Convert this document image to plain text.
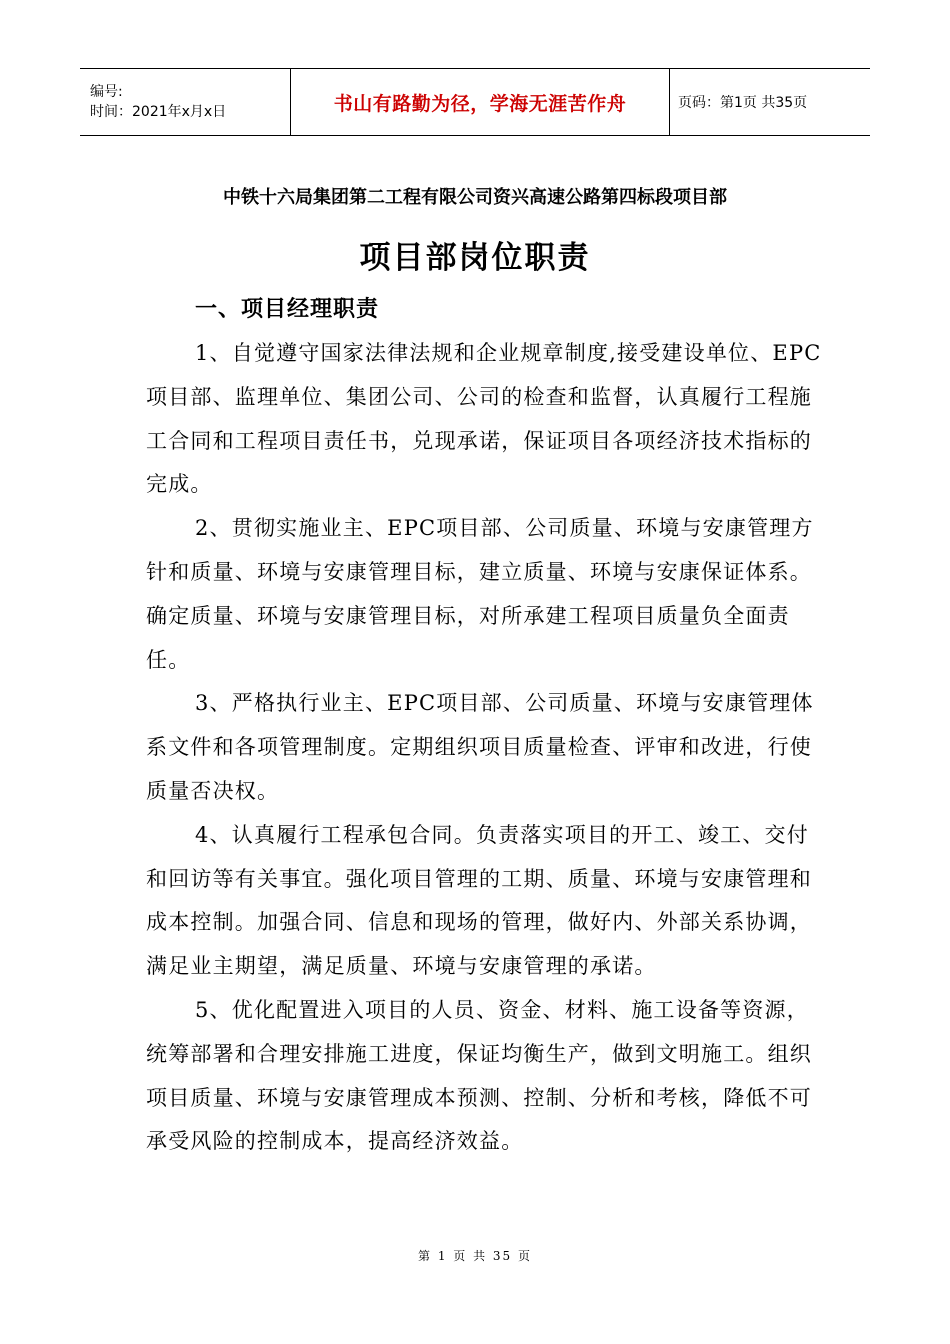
编号:
时间：2021年x月x日	书山有路勤为径，学海无涯苦作舟	页码：第1页 共35页
中铁十六局集团第二工程有限公司资兴高速公路第四标段项目部
项目部岗位职责
一、项目经理职责

1、自觉遵守国家法律法规和企业规章制度,接受建设单位、EPC项目部、监理单位、集团公司、公司的检查和监督，认真履行工程施工合同和工程项目责任书，兑现承诺，保证项目各项经济技术指标的完成。

2、贯彻实施业主、EPC项目部、公司质量、环境与安康管理方针和质量、环境与安康管理目标，建立质量、环境与安康保证体系。确定质量、环境与安康管理目标，对所承建工程项目质量负全面责任。

3、严格执行业主、EPC项目部、公司质量、环境与安康管理体系文件和各项管理制度。定期组织项目质量检查、评审和改进，行使质量否决权。

4、认真履行工程承包合同。负责落实项目的开工、竣工、交付和回访等有关事宜。强化项目管理的工期、质量、环境与安康管理和成本控制。加强合同、信息和现场的管理，做好内、外部关系协调，满足业主期望，满足质量、环境与安康管理的承诺。

5、优化配置进入项目的人员、资金、材料、施工设备等资源，统筹部署和合理安排施工进度，保证均衡生产，做到文明施工。组织项目质量、环境与安康管理成本预测、控制、分析和考核，降低不可承受风险的控制成本，提高经济效益。

第 1 页 共 35 页
